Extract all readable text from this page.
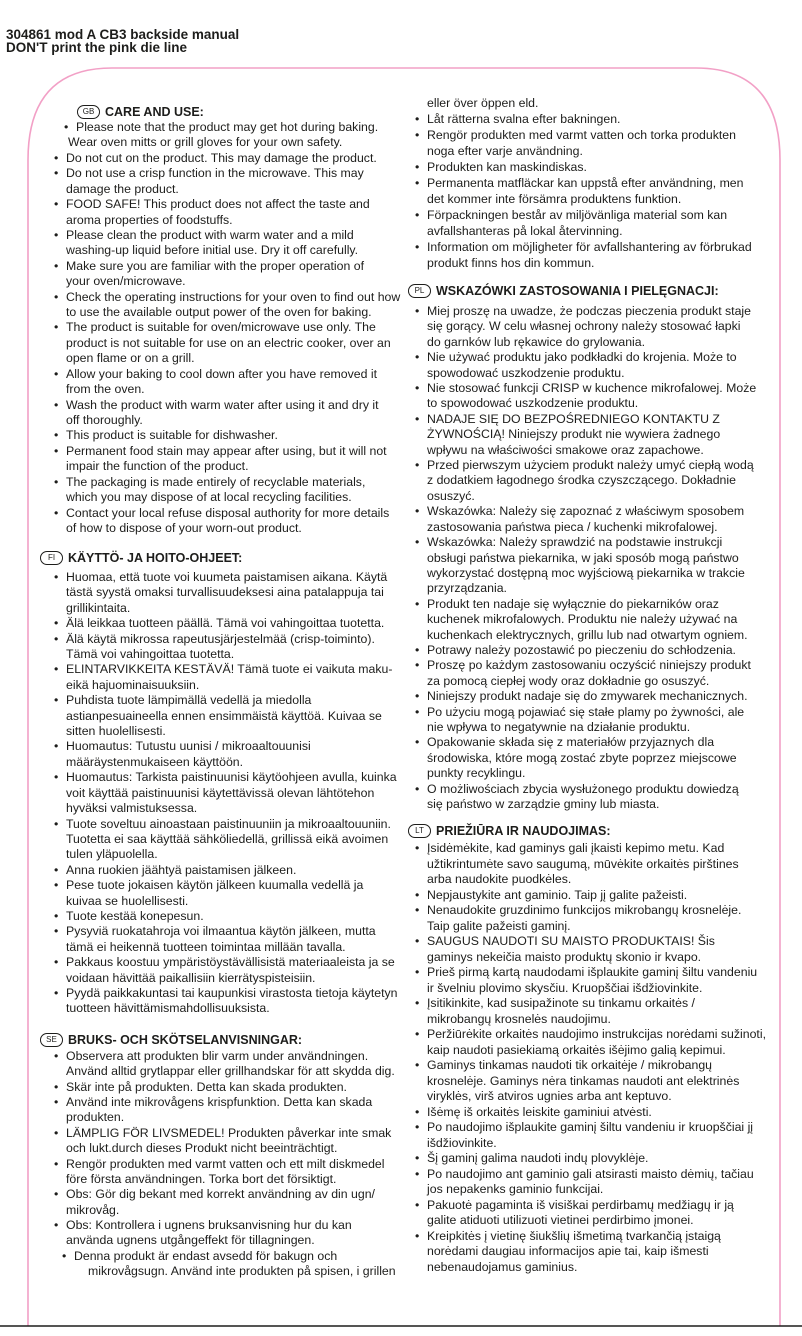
304861 mod A CB3 backside manual
DON'T print the pink die line
GB CARE AND USE:
• Please note that the product may get hot during baking.
Wear oven mitts or grill gloves for your own safety.
• Do not cut on the product. This may damage the product.
• Do not use a crisp function in the microwave. This may
damage the product.
• FOOD SAFE! This product does not affect the taste and
aroma properties of foodstuffs.
• Please clean the product with warm water and a mild
washing-up liquid before initial use. Dry it off carefully.
• Make sure you are familiar with the proper operation of
your oven/microwave.
• Check the operating instructions for your oven to find out how
to use the available output power of the oven for baking.
• The product is suitable for oven/microwave use only. The
product is not suitable for use on an electric cooker, over an
open flame or on a grill.
• Allow your baking to cool down after you have removed it
from the oven.
• Wash the product with warm water after using it and dry it
off thoroughly.
• This product is suitable for dishwasher.
• Permanent food stain may appear after using, but it will not
impair the function of the product.
• The packaging is made entirely of recyclable materials,
which you may dispose of at local recycling facilities.
• Contact your local refuse disposal authority for more details
of how to dispose of your worn-out product.
FI	KÄYTTÖ- JA HOITO-OHJEET:
• Huomaa, että tuote voi kuumeta paistamisen aikana. Käytä
tästä syystä omaksi turvallisuudeksesi aina patalappuja tai
grillikintaita.
• Älä leikkaa tuotteen päällä. Tämä voi vahingoittaa tuotetta.
• Älä käytä mikrossa rapeutusjärjestelmää (crisp-toiminto).
Tämä voi vahingoittaa tuotetta.
• ELINTARVIKKEITA KESTÄVÄ! Tämä tuote ei vaikuta maku-
eikä hajuominaisuuksiin.
• Puhdista tuote lämpimällä vedellä ja miedolla
astianpesuaineella ennen ensimmäistä käyttöä. Kuivaa se
sitten huolellisesti.
• Huomautus: Tutustu uunisi / mikroaaltouunisi
määräystenmukaiseen käyttöön.
• Huomautus: Tarkista paistinuunisi käytöohjeen avulla, kuinka
voit käyttää paistinuunisi käytettävissä olevan lähtötehon
hyväksi valmistuksessa.
• Tuote soveltuu ainoastaan paistinuuniin ja mikroaaltouuniin.
Tuotetta ei saa käyttää sähköliedellä, grillissä eikä avoimen
tulen yläpuolella.
• Anna ruokien jäähtyä paistamisen jälkeen.
• Pese tuote jokaisen käytön jälkeen kuumalla vedellä ja
kuivaa se huolellisesti.
• Tuote kestää konepesun.
• Pysyviä ruokatahroja voi ilmaantua käytön jälkeen, mutta
tämä ei heikennä tuotteen toimintaa millään tavalla.
• Pakkaus koostuu ympäristöystävällisistä materiaaleista ja se
voidaan hävittää paikallisiin kierrätyspisteisiin.
• Pyydä paikkakuntasi tai kaupunkisi virastosta tietoja käytetyn
tuotteen hävittämismahdollisuuksista.
SE BRUKS- OCH SKÖTSELANVISNINGAR:
• Observera att produkten blir varm under användningen.
Använd alltid grytlappar eller grillhandskar för att skydda dig.
• Skär inte på produkten. Detta kan skada produkten.
• Använd inte mikrovågens krispfunktion. Detta kan skada
produkten.
• LÄMPLIG FÖR LIVSMEDEL! Produkten påverkar inte smak
och lukt.durch dieses Produkt nicht beeinträchtigt.
• Rengör produkten med varmt vatten och ett milt diskmedel
före första användningen. Torka bort det försiktigt.
• Obs: Gör dig bekant med korrekt användning av din ugn/
mikrovåg.
• Obs: Kontrollera i ugnens bruksanvisning hur du kan
använda ugnens utgångeffekt för tillagningen.
• Denna produkt är endast avsedd för bakugn och
mikrovågsugn. Använd inte produkten på spisen, i grillen
eller över öppen eld.
• Låt rätterna svalna efter bakningen.
• Rengör produkten med varmt vatten och torka produkten
noga efter varje användning.
• Produkten kan maskindiskas.
• Permanenta matfläckar kan uppstå efter användning, men
det kommer inte försämra produktens funktion.
• Förpackningen består av miljövänliga material som kan
avfallshanteras på lokal återvinning.
• Information om möjligheter för avfallshantering av förbrukad
produkt finns hos din kommun.
PL WSKAZÓWKI ZASTOSOWANIA I PIELĘGNACJI:
• Miej proszę na uwadze, że podczas pieczenia produkt staje
się gorący. W celu własnej ochrony należy stosować łapki
do garnków lub rękawice do grylowania.
• Nie używać produktu jako podkładki do krojenia. Może to
spowodować uszkodzenie produktu.
• Nie stosować funkcji CRISP w kuchence mikrofalowej. Może
to spowodować uszkodzenie produktu.
• NADAJE SIĘ DO BEZPOŚREDNIEGO KONTAKTU Z
ŻYWNOŚCIĄ! Niniejszy produkt nie wywiera żadnego
wpływu na właściwości smakowe oraz zapachowe.
• Przed pierwszym użyciem produkt należy umyć ciepłą wodą
z dodatkiem łagodnego środka czyszczącego. Dokładnie
osuszyć.
• Wskazówka: Należy się zapoznać z właściwym sposobem
zastosowania państwa pieca / kuchenki mikrofalowej.
• Wskazówka: Należy sprawdzić na podstawie instrukcji
obsługi państwa piekarnika, w jaki sposób mogą państwo
wykorzystać dostępną moc wyjściową piekarnika w trakcie
przyrządzania.
• Produkt ten nadaje się wyłącznie do piekarników oraz
kuchenek mikrofalowych. Produktu nie należy używać na
kuchenkach elektrycznych, grillu lub nad otwartym ogniem.
• Potrawy należy pozostawić po pieczeniu do schłodzenia.
• Proszę po każdym zastosowaniu oczyścić niniejszy produkt
za pomocą ciepłej wody oraz dokładnie go osuszyć.
• Niniejszy produkt nadaje się do zmywarek mechanicznych.
• Po użyciu mogą pojawiać się stałe plamy po żywności, ale
nie wpływa to negatywnie na działanie produktu.
• Opakowanie składa się z materiałów przyjaznych dla
środowiska, które mogą zostać zbyte poprzez miejscowe
punkty recyklingu.
• O możliwościach zbycia wysłużonego produktu dowiedzą
się państwo w zarządzie gminy lub miasta.
LT PRIEŽIŪRA IR NAUDOJIMAS:
• Įsidėmėkite, kad gaminys gali įkaisti kepimo metu. Kad
užtikrintumėte savo saugumą, mūvėkite orkaitės pirštines
arba naudokite puodkėles.
• Nepjaustykite ant gaminio. Taip jį galite pažeisti.
• Nenaudokite gruzdinimo funkcijos mikrobangų krosnelėje.
Taip galite pažeisti gaminį.
• SAUGUS NAUDOTI SU MAISTO PRODUKTAIS! Šis
gaminys nekeičia maisto produktų skonio ir kvapo.
• Prieš pirmą kartą naudodami išplaukite gaminį šiltu vandeniu
ir švelniu plovimo skysčiu. Kruopščiai išdžiovinkite.
• Įsitikinkite, kad susipažinote su tinkamu orkaitės /
mikrobangų krosnelės naudojimu.
• Peržiūrėkite orkaitės naudojimo instrukcijas norėdami sužinoti,
kaip naudoti pasiekiamą orkaitės išėjimo galią kepimui.
• Gaminys tinkamas naudoti tik orkaitėje / mikrobangų
krosnelėje. Gaminys nėra tinkamas naudoti ant elektrinės
viryklės, virš atviros ugnies arba ant keptuvo.
• Išėmę iš orkaitės leiskite gaminiui atvėsti.
• Po naudojimo išplaukite gaminį šiltu vandeniu ir kruopščiai jį
išdžiovinkite.
• Šį gaminį galima naudoti indų plovyklėje.
• Po naudojimo ant gaminio gali atsirasti maisto dėmių, tačiau
jos nepakenks gaminio funkcijai.
• Pakuotė pagaminta iš visiškai perdirbamų medžiagų ir ją
galite atiduoti utilizuoti vietinei perdirbimo įmonei.
• Kreipkitės į vietinę šiukšlių išmetimą tvarkančią įstaigą
norėdami daugiau informacijos apie tai, kaip išmesti
nebenaudojamus gaminius.
